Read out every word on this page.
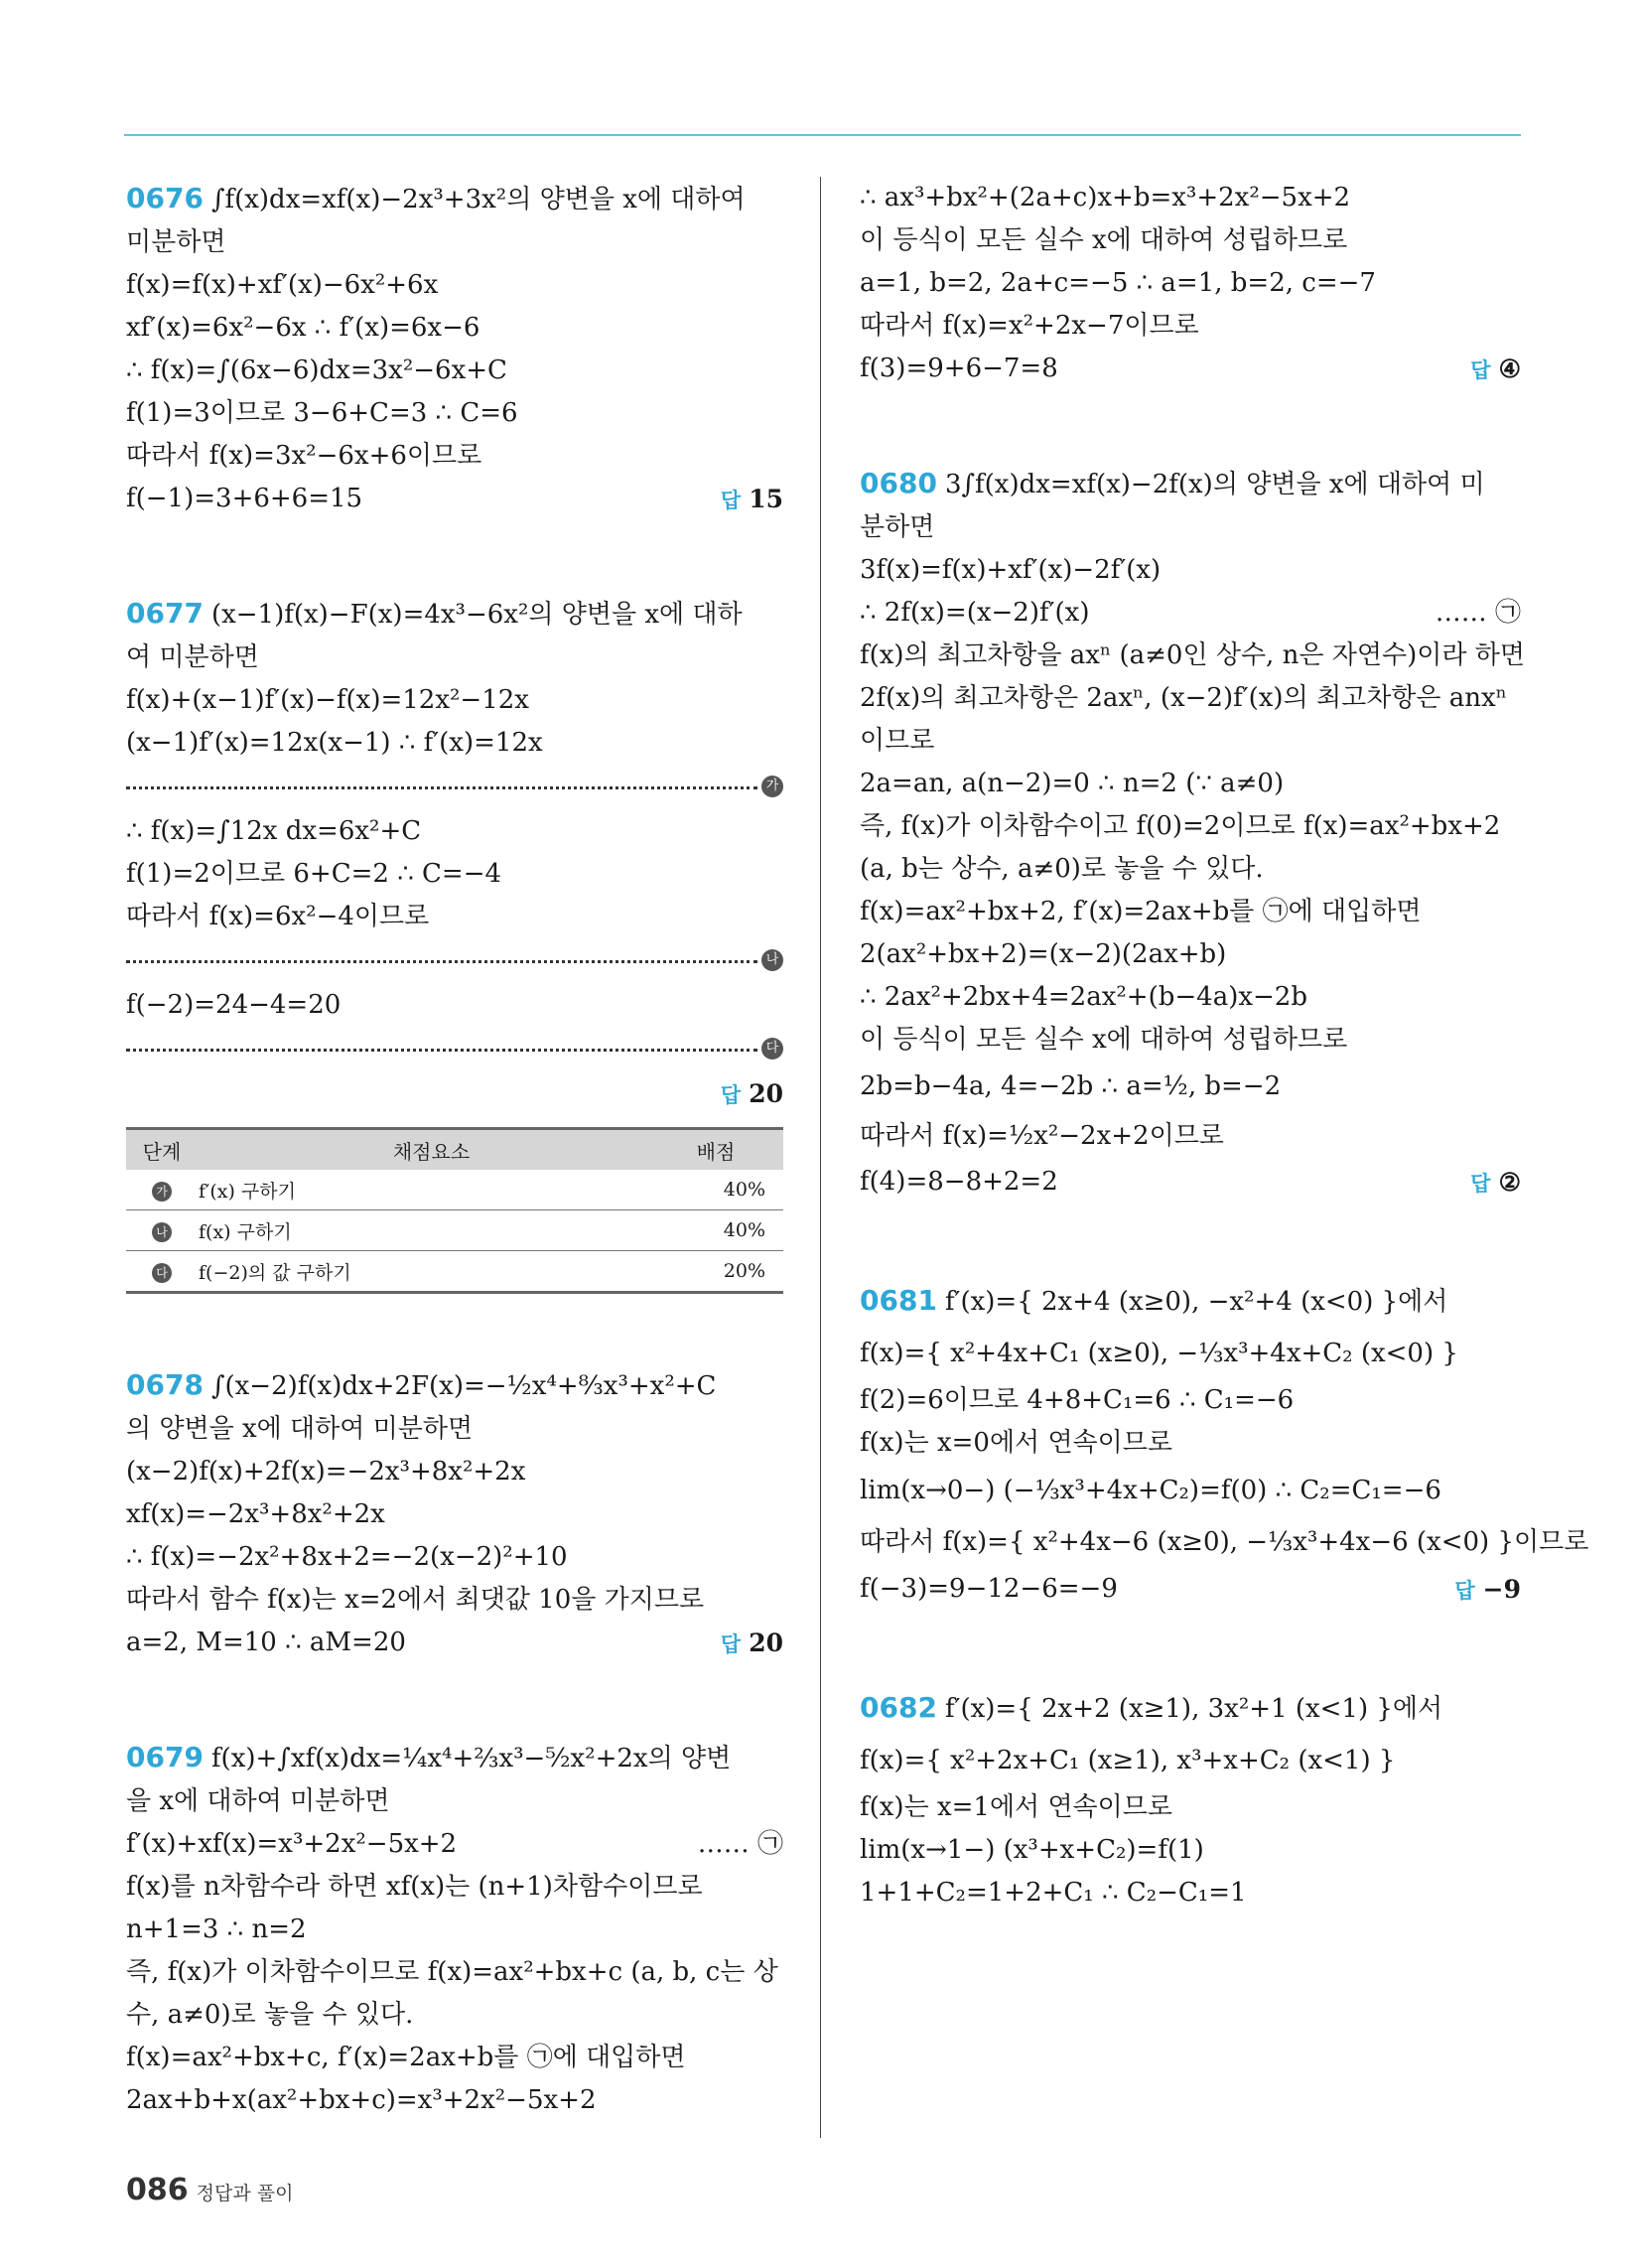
0676 ∫f(x)dx=xf(x)−2x³+3x²의 양변을 x에 대하여
미분하면
f(x)=f(x)+xf′(x)−6x²+6x
xf′(x)=6x²−6x ∴ f′(x)=6x−6
∴ f(x)=∫(6x−6)dx=3x²−6x+C
f(1)=3이므로 3−6+C=3 ∴ C=6
따라서 f(x)=3x²−6x+6이므로
f(−1)=3+6+6=15	답 15
0677 (x−1)f(x)−F(x)=4x³−6x²의 양변을 x에 대하
여 미분하면
f(x)+(x−1)f′(x)−f(x)=12x²−12x
(x−1)f′(x)=12x(x−1) ∴ f′(x)=12x
가
∴ f(x)=∫12x dx=6x²+C
f(1)=2이므로 6+C=2 ∴ C=−4
따라서 f(x)=6x²−4이므로
나
f(−2)=24−4=20
다
답 20
단계	채점요소	배점
가	f′(x) 구하기	40%
나	f(x) 구하기	40%
다	f(−2)의 값 구하기	20%
0678 ∫(x−2)f(x)dx+2F(x)=−½x⁴+⁸⁄₃x³+x²+C
의 양변을 x에 대하여 미분하면
(x−2)f(x)+2f(x)=−2x³+8x²+2x
xf(x)=−2x³+8x²+2x
∴ f(x)=−2x²+8x+2=−2(x−2)²+10
따라서 함수 f(x)는 x=2에서 최댓값 10을 가지므로
a=2, M=10 ∴ aM=20	답 20
0679 f(x)+∫xf(x)dx=¼x⁴+⅔x³−⁵⁄₂x²+2x의 양변
을 x에 대하여 미분하면
f′(x)+xf(x)=x³+2x²−5x+2	…… ㉠
f(x)를 n차함수라 하면 xf(x)는 (n+1)차함수이므로
n+1=3 ∴ n=2
즉, f(x)가 이차함수이므로 f(x)=ax²+bx+c (a, b, c는 상
수, a≠0)로 놓을 수 있다.
f(x)=ax²+bx+c, f′(x)=2ax+b를 ㉠에 대입하면
2ax+b+x(ax²+bx+c)=x³+2x²−5x+2
∴ ax³+bx²+(2a+c)x+b=x³+2x²−5x+2
이 등식이 모든 실수 x에 대하여 성립하므로
a=1, b=2, 2a+c=−5 ∴ a=1, b=2, c=−7
따라서 f(x)=x²+2x−7이므로
f(3)=9+6−7=8	답 ④
0680 3∫f(x)dx=xf(x)−2f(x)의 양변을 x에 대하여 미
분하면
3f(x)=f(x)+xf′(x)−2f′(x)
∴ 2f(x)=(x−2)f′(x)	…… ㉠
f(x)의 최고차항을 axⁿ (a≠0인 상수, n은 자연수)이라 하면
2f(x)의 최고차항은 2axⁿ, (x−2)f′(x)의 최고차항은 anxⁿ
이므로
2a=an, a(n−2)=0 ∴ n=2 (∵ a≠0)
즉, f(x)가 이차함수이고 f(0)=2이므로 f(x)=ax²+bx+2
(a, b는 상수, a≠0)로 놓을 수 있다.
f(x)=ax²+bx+2, f′(x)=2ax+b를 ㉠에 대입하면
2(ax²+bx+2)=(x−2)(2ax+b)
∴ 2ax²+2bx+4=2ax²+(b−4a)x−2b
이 등식이 모든 실수 x에 대하여 성립하므로
2b=b−4a, 4=−2b ∴ a=½, b=−2
따라서 f(x)=½x²−2x+2이므로
f(4)=8−8+2=2	답 ②
0681 f′(x)={ 2x+4 (x≥0), −x²+4 (x<0) }에서
f(x)={ x²+4x+C₁ (x≥0), −⅓x³+4x+C₂ (x<0) }
f(2)=6이므로 4+8+C₁=6 ∴ C₁=−6
f(x)는 x=0에서 연속이므로
lim(x→0−) (−⅓x³+4x+C₂)=f(0) ∴ C₂=C₁=−6
따라서 f(x)={ x²+4x−6 (x≥0), −⅓x³+4x−6 (x<0) }이므로
f(−3)=9−12−6=−9	답 −9
0682 f′(x)={ 2x+2 (x≥1), 3x²+1 (x<1) }에서
f(x)={ x²+2x+C₁ (x≥1), x³+x+C₂ (x<1) }
f(x)는 x=1에서 연속이므로
lim(x→1−) (x³+x+C₂)=f(1)
1+1+C₂=1+2+C₁ ∴ C₂−C₁=1
086 정답과 풀이
